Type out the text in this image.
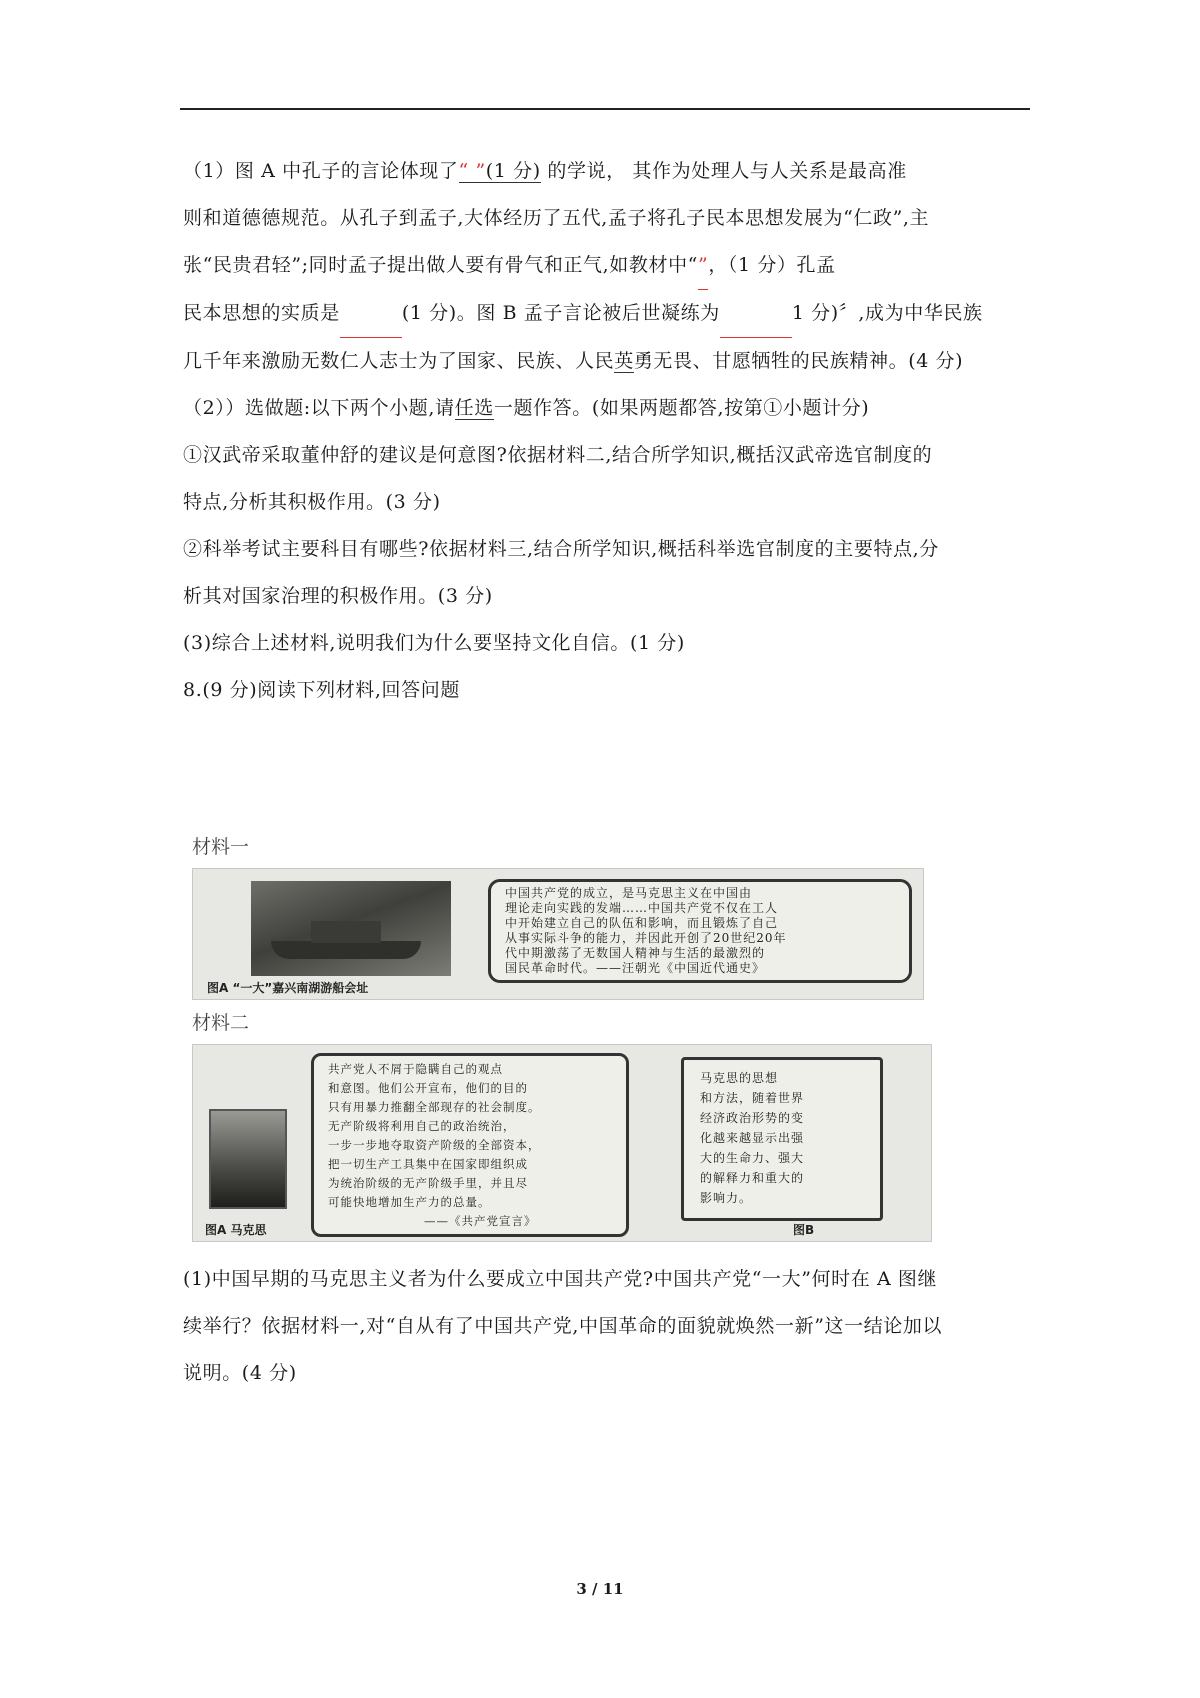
（1）图 A 中孔子的言论体现了“ ”(1 分) 的学说， 其作为处理人与人关系是最高准
则和道德德规范。从孔子到孟子,大体经历了五代,孟子将孔子民本思想发展为“仁政”,主
张“民贵君轻”;同时孟子提出做人要有骨气和正气,如教材中“”，（1 分）孔孟
民本思想的实质是	(1 分)。图 B 孟子言论被后世凝练为	1 分)〞,成为中华民族
几千年来激励无数仁人志士为了国家、民族、人民英勇无畏、甘愿牺牲的民族精神。(4 分)
（2））选做题:以下两个小题,请任选一题作答。(如果两题都答,按第①小题计分)
①汉武帝采取董仲舒的建议是何意图?依据材料二,结合所学知识,概括汉武帝选官制度的
特点,分析其积极作用。(3 分)
②科举考试主要科目有哪些?依据材料三,结合所学知识,概括科举选官制度的主要特点,分
析其对国家治理的积极作用。(3 分)
(3)综合上述材料,说明我们为什么要坚持文化自信。(1 分)
8.(9 分)阅读下列材料,回答问题
材料一
图A “一大”嘉兴南湖游船会址
中国共产党的成立，是马克思主义在中国由
理论走向实践的发端……中国共产党不仅在工人
中开始建立自己的队伍和影响，而且锻炼了自己
从事实际斗争的能力，并因此开创了20世纪20年
代中期激荡了无数国人精神与生活的最激烈的
国民革命时代。——汪朝光《中国近代通史》
材料二
图A 马克思
共产党人不屑于隐瞒自己的观点
和意图。他们公开宣布，他们的目的
只有用暴力推翻全部现存的社会制度。
无产阶级将利用自己的政治统治，
一步一步地夺取资产阶级的全部资本，
把一切生产工具集中在国家即组织成
为统治阶级的无产阶级手里，并且尽
可能快地增加生产力的总量。
——《共产党宣言》
马克思的思想
和方法，随着世界
经济政治形势的变
化越来越显示出强
大的生命力、强大
的解释力和重大的
影响力。
图B
(1)中国早期的马克思主义者为什么要成立中国共产党?中国共产党“一大”何时在 A 图继
续举行？依据材料一,对“自从有了中国共产党,中国革命的面貌就焕然一新”这一结论加以
说明。(4 分)
3 / 11
